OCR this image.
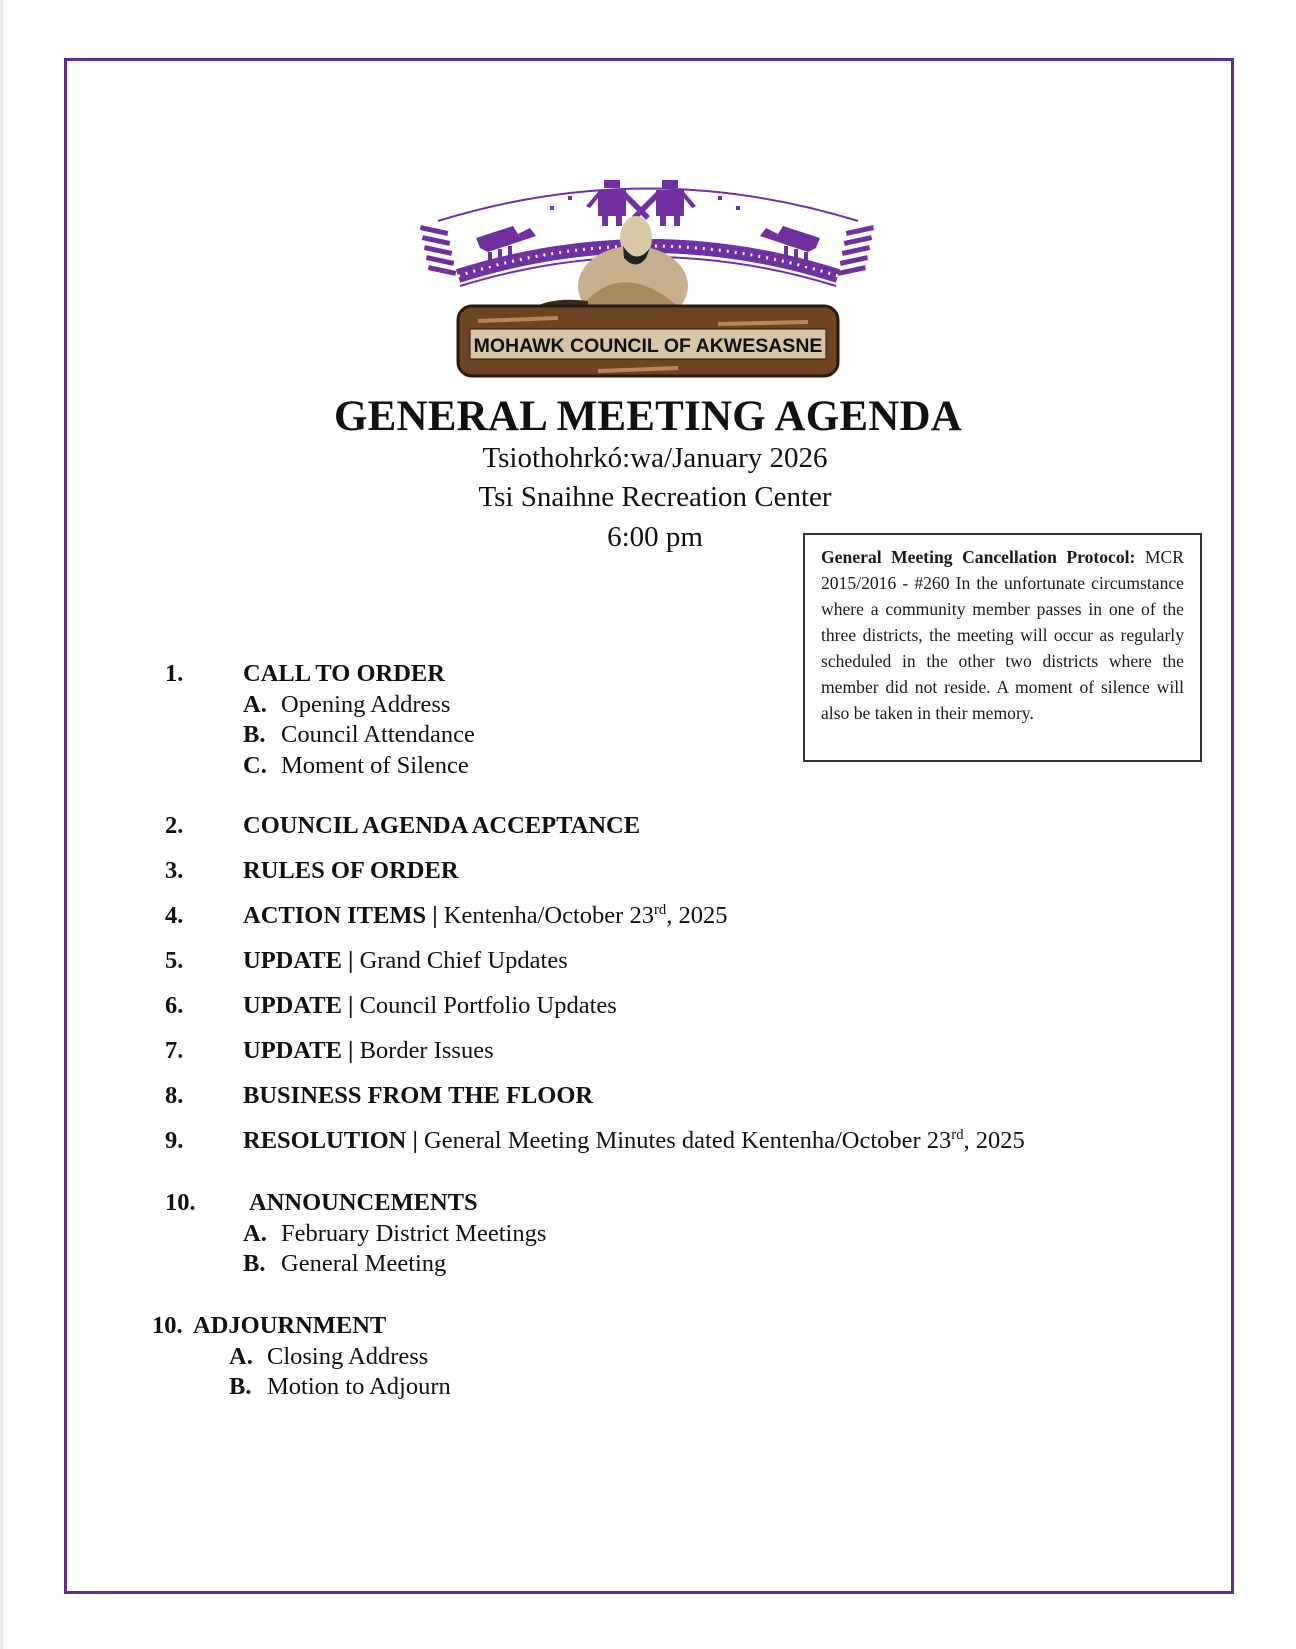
MOHAWK COUNCIL OF AKWESASNE
GENERAL MEETING AGENDA
Tsiothohrkó:wa/January 2026
Tsi Snaihne Recreation Center
6:00 pm
General Meeting Cancellation Protocol: MCR 2015/2016 - #260 In the unfortunate circumstance where a community member passes in one of the three districts, the meeting will occur as regularly scheduled in the other two districts where the member did not reside. A moment of silence will also be taken in their memory.
1. CALL TO ORDER
A. Opening Address
B. Council Attendance
C. Moment of Silence
2. COUNCIL AGENDA ACCEPTANCE
3. RULES OF ORDER
4. ACTION ITEMS | Kentenha/October 23rd, 2025
5. UPDATE | Grand Chief Updates
6. UPDATE | Council Portfolio Updates
7. UPDATE | Border Issues
8. BUSINESS FROM THE FLOOR
9. RESOLUTION | General Meeting Minutes dated Kentenha/October 23rd, 2025
10. ANNOUNCEMENTS
A. February District Meetings
B. General Meeting
10. ADJOURNMENT
A. Closing Address
B. Motion to Adjourn
